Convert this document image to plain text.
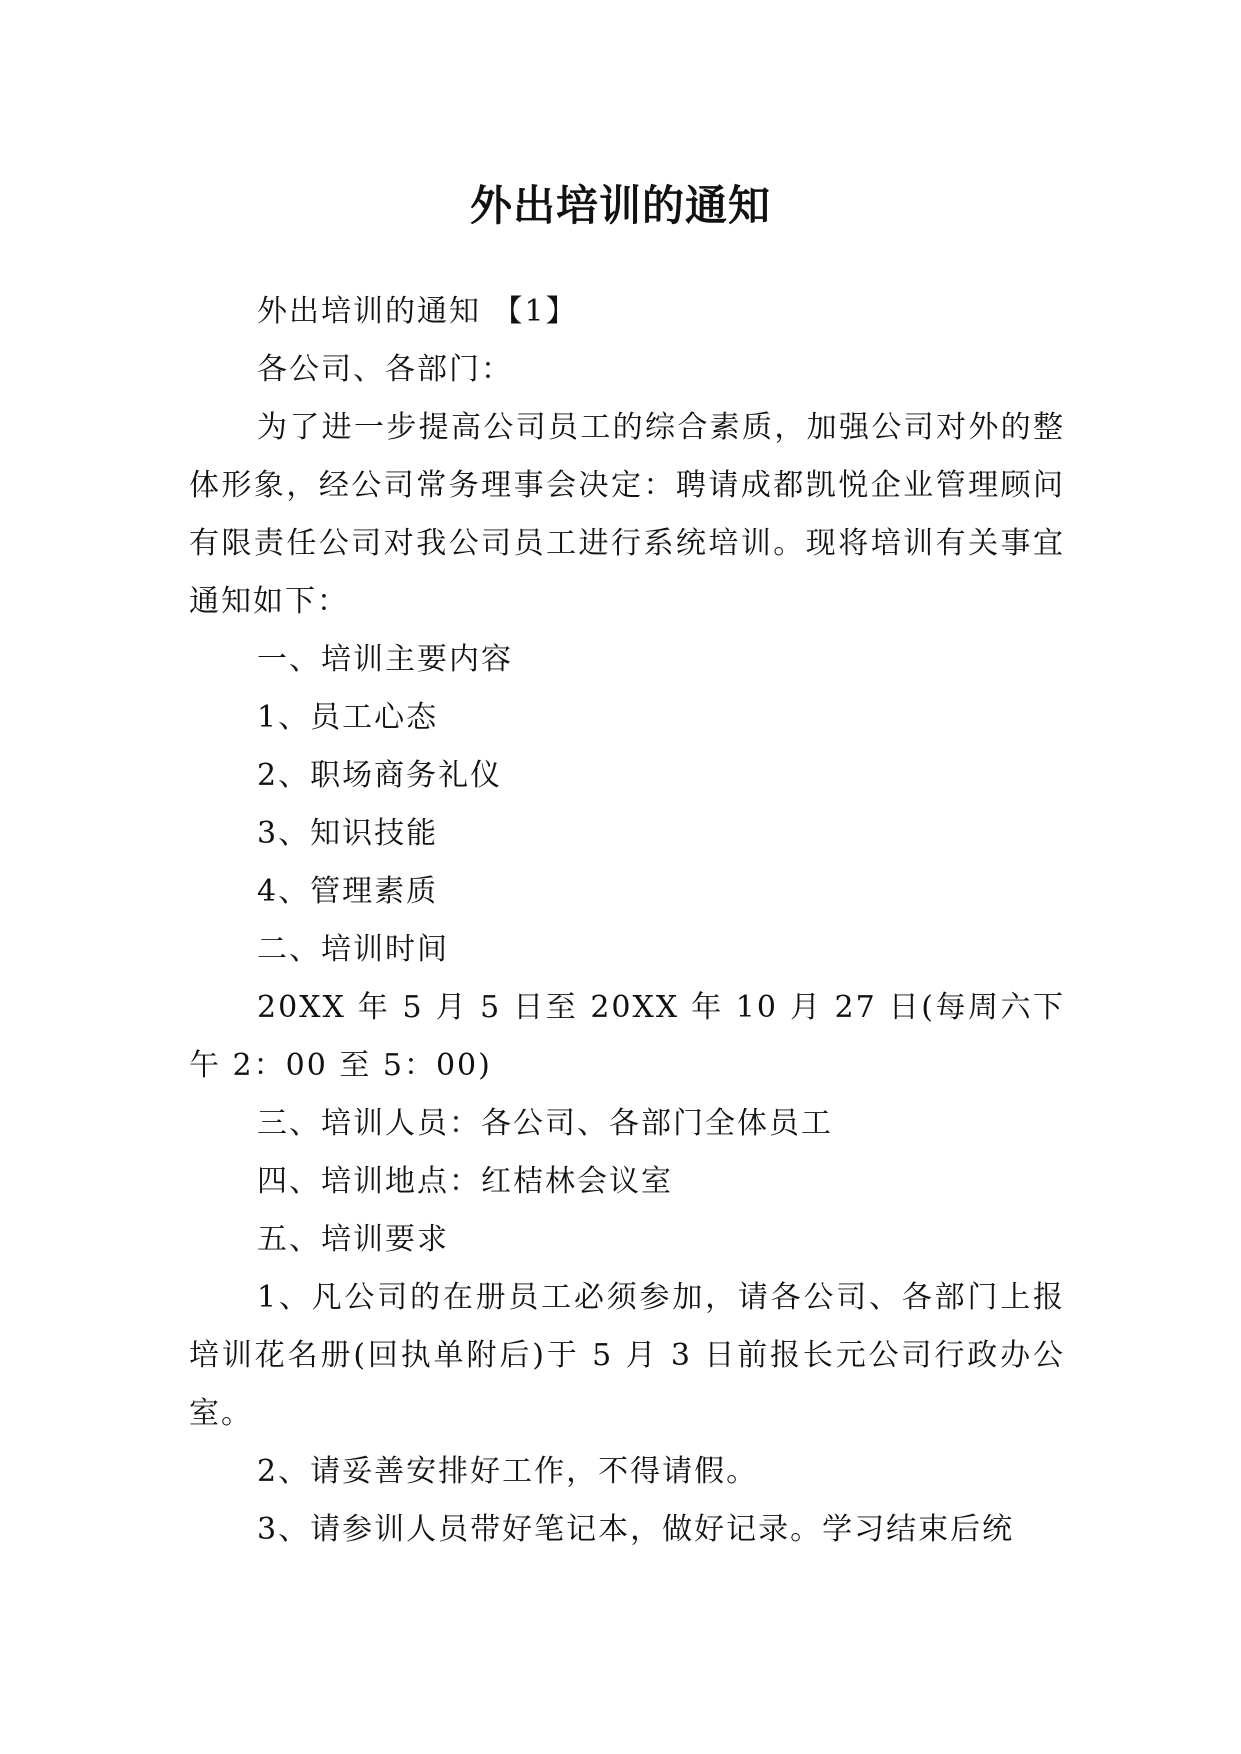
外出培训的通知

外出培训的通知 【1】

各公司、各部门：

为了进一步提高公司员工的综合素质，加强公司对外的整体形象，经公司常务理事会决定：聘请成都凯悦企业管理顾问有限责任公司对我公司员工进行系统培训。现将培训有关事宜通知如下：

一、培训主要内容

1、员工心态

2、职场商务礼仪

3、知识技能

4、管理素质

二、培训时间

20XX 年 5 月 5 日至 20XX 年 10 月 27 日(每周六下午 2：00 至 5：00)

三、培训人员：各公司、各部门全体员工

四、培训地点：红桔林会议室

五、培训要求

1、凡公司的在册员工必须参加，请各公司、各部门上报培训花名册(回执单附后)于 5 月 3 日前报长元公司行政办公室。

2、请妥善安排好工作，不得请假。

3、请参训人员带好笔记本，做好记录。学习结束后统
